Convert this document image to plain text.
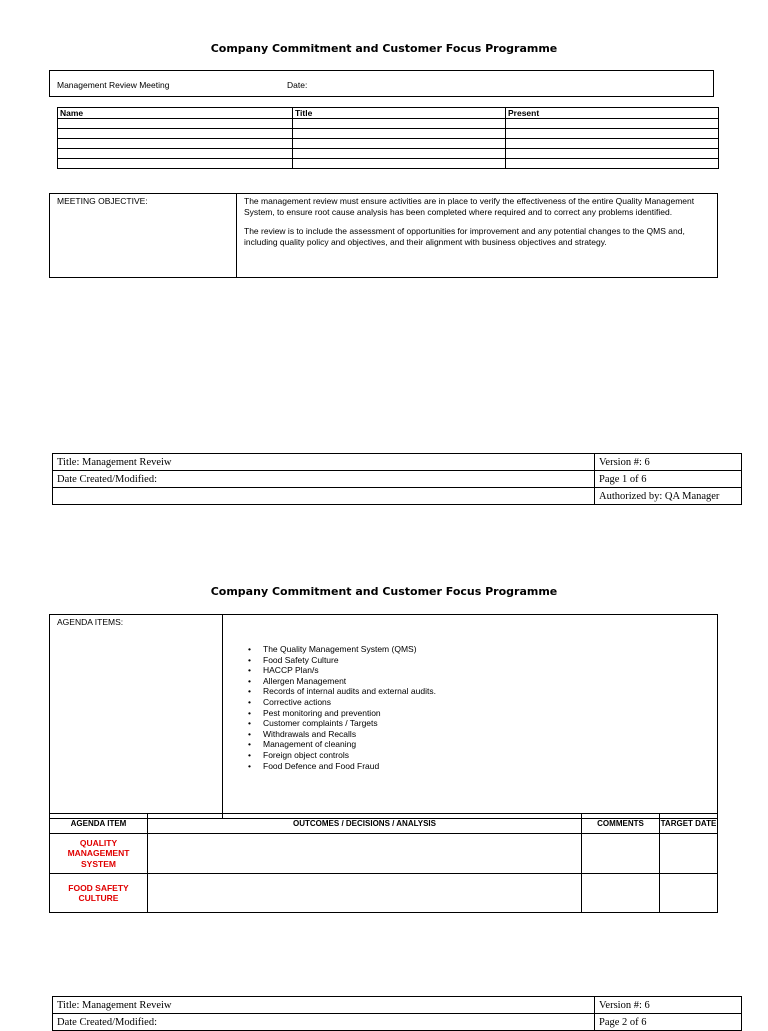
Company Commitment and Customer Focus Programme
Management Review Meeting	Date:
Name	Title	Present

MEETING OBJECTIVE:	The management review must ensure activities are in place to verify the effectiveness of the entire Quality Management System, to ensure root cause analysis has been completed where required and to correct any problems identified.

The review is to include the assessment of opportunities for improvement and any potential changes to the QMS and, including quality policy and objectives, and their alignment with business objectives and strategy.

Title: Management Reveiw	Version #: 6
Date Created/Modified:	Page 1 of 6
	Authorized by: QA Manager
Company Commitment and Customer Focus Programme
AGENDA ITEMS:	
• The Quality Management System (QMS)
• Food Safety Culture
• HACCP Plan/s
• Allergen Management
• Records of internal audits and external audits.
• Corrective actions
• Pest monitoring and prevention
• Customer complaints / Targets
• Withdrawals and Recalls
• Management of cleaning
• Foreign object controls
• Food Defence and Food Fraud
AGENDA ITEM	OUTCOMES / DECISIONS / ANALYSIS	COMMENTS	TARGET DATE
QUALITY MANAGEMENT SYSTEM			
FOOD SAFETY CULTURE			
Title: Management Reveiw	Version #: 6
Date Created/Modified:	Page 2 of 6
